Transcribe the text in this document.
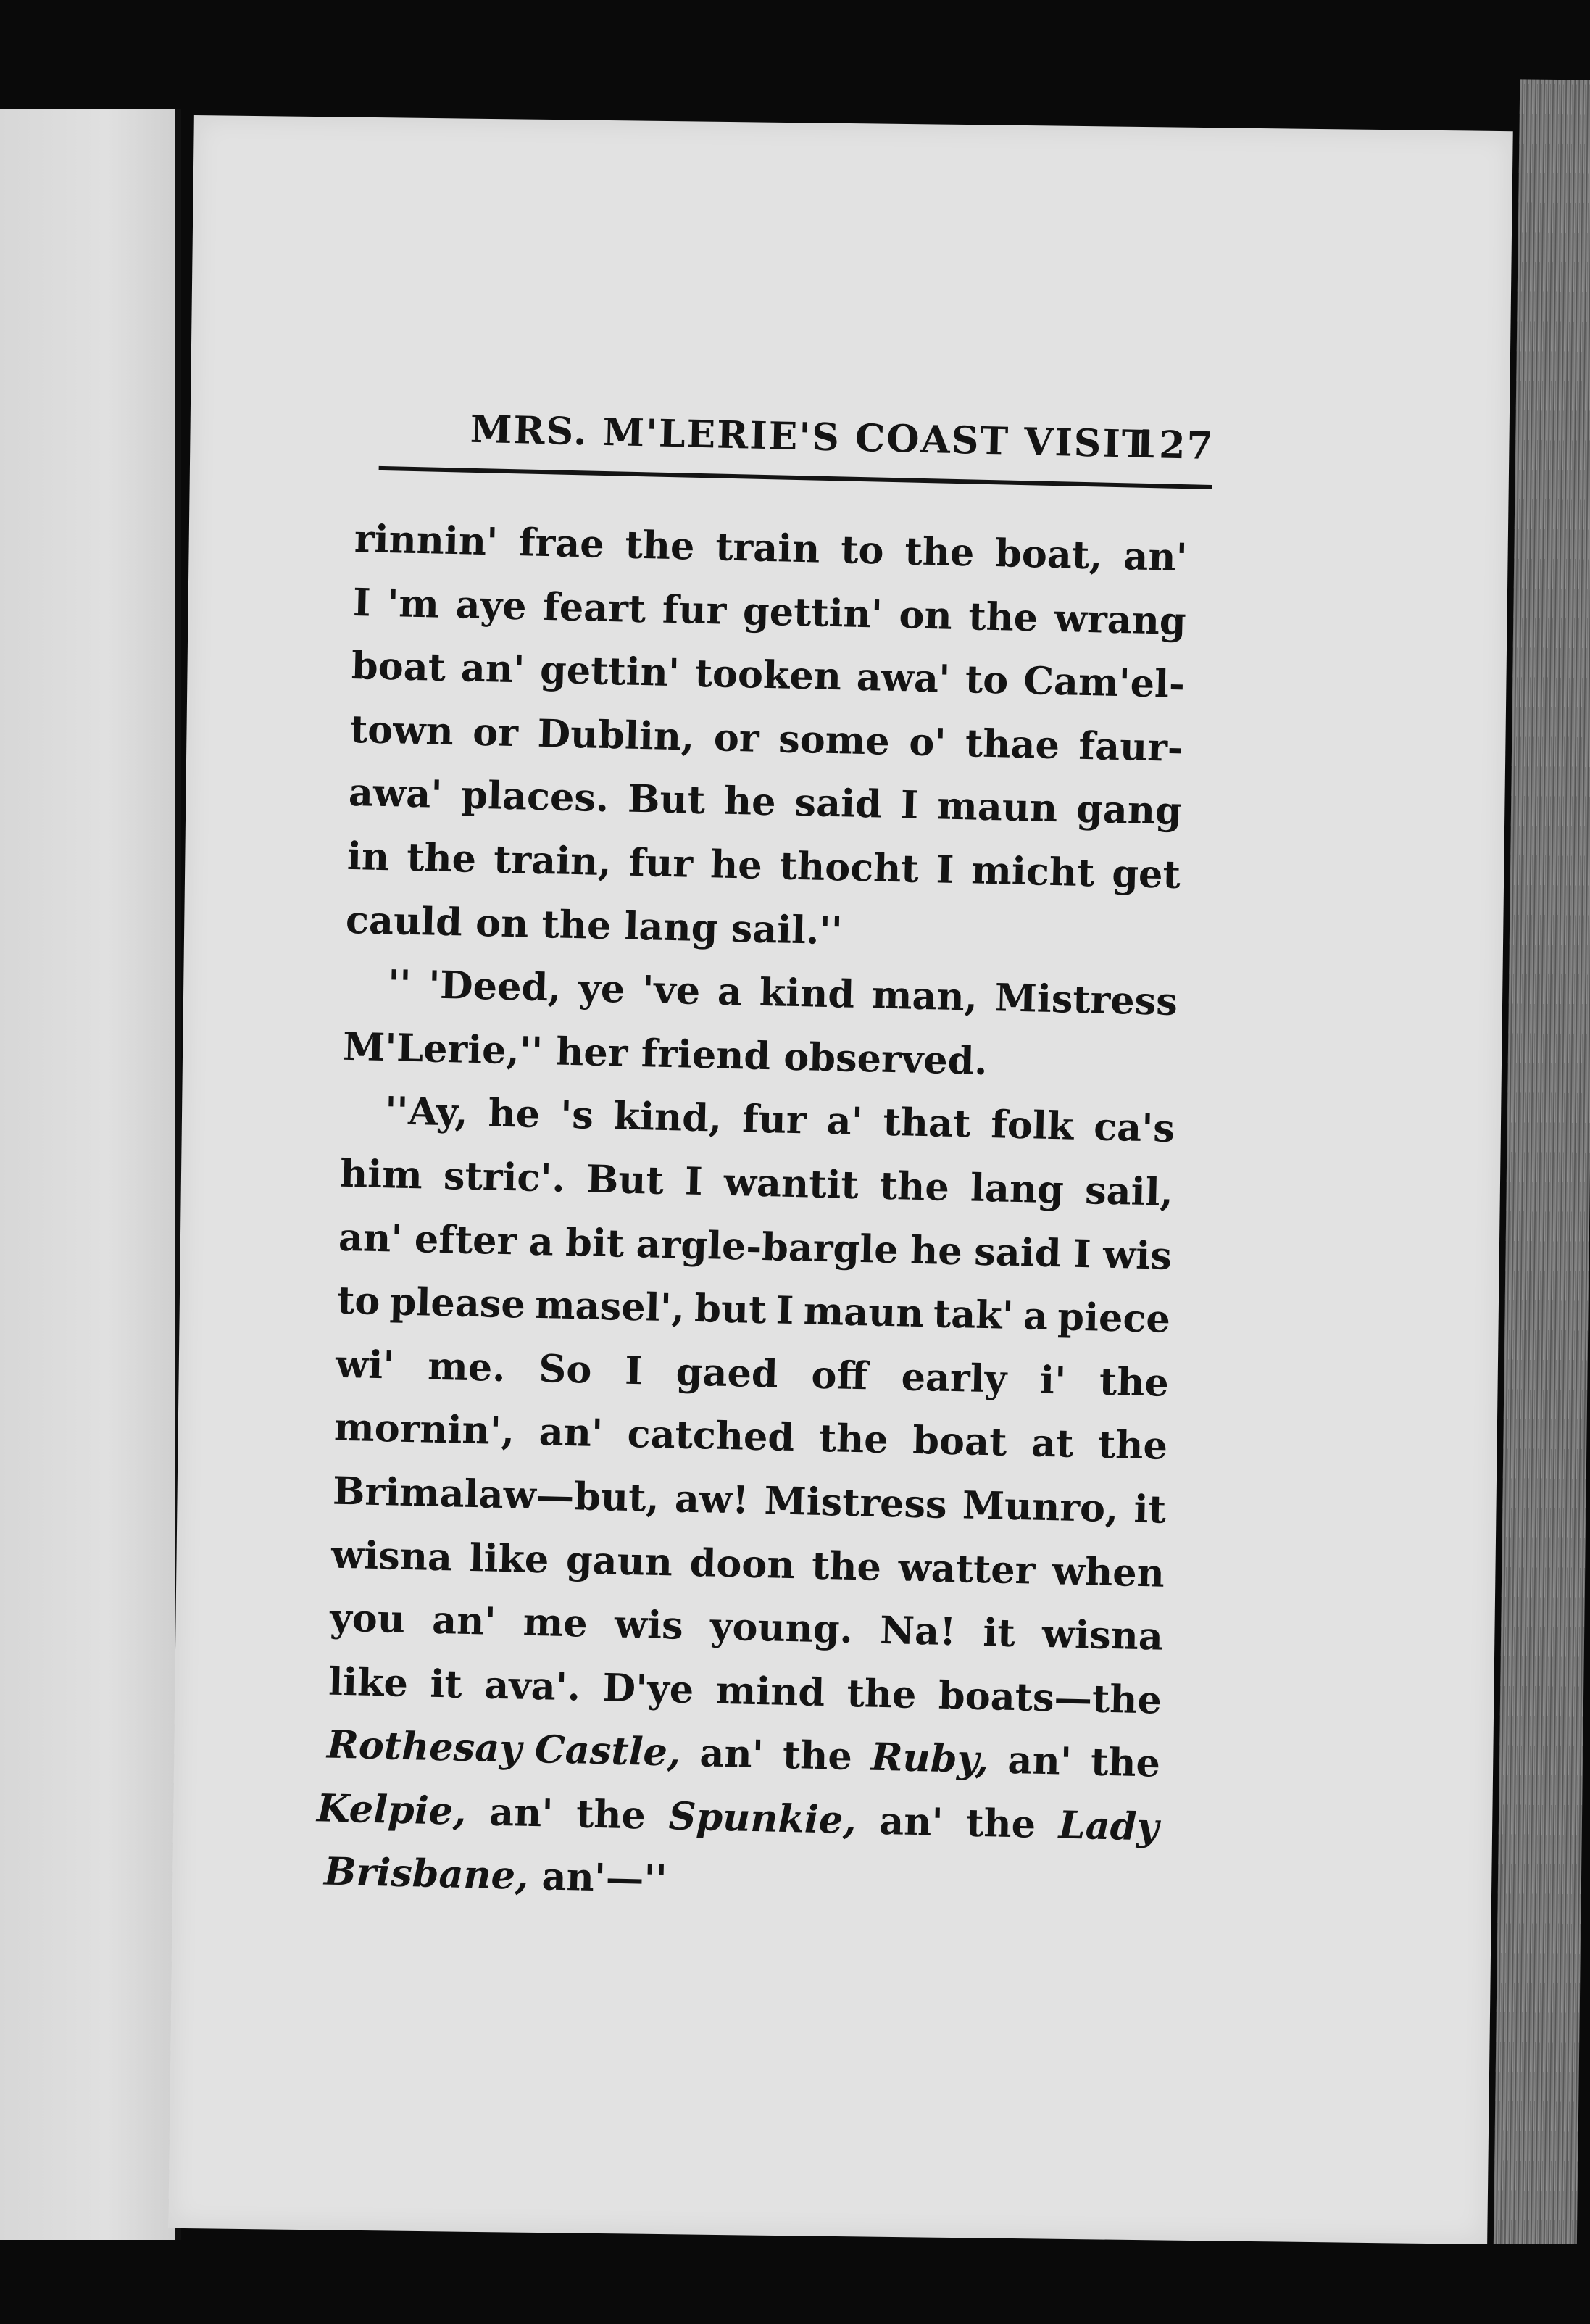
MRS. M'LERIE'S COAST VISIT
127
rinnin' frae the train to the boat, an'
I 'm aye feart fur gettin' on the wrang
boat an' gettin' tooken awa' to Cam'el-
town or Dublin, or some o' thae faur-
awa' places. But he said I maun gang
in the train, fur he thocht I micht get
cauld on the lang sail.''
'' 'Deed, ye 've a kind man, Mistress
M'Lerie,'' her friend observed.
''Ay, he 's kind, fur a' that folk ca's
him stric'. But I wantit the lang sail,
an' efter a bit argle-bargle he said I wis
to please masel', but I maun tak' a piece
wi' me. So I gaed off early i' the
mornin', an' catched the boat at the
Brimalaw—but, aw! Mistress Munro, it
wisna like gaun doon the watter when
you an' me wis young. Na! it wisna
like it ava'. D'ye mind the boats—the
Rothesay Castle, an' the Ruby, an' the
Kelpie, an' the Spunkie, an' the Lady
Brisbane, an'—''
